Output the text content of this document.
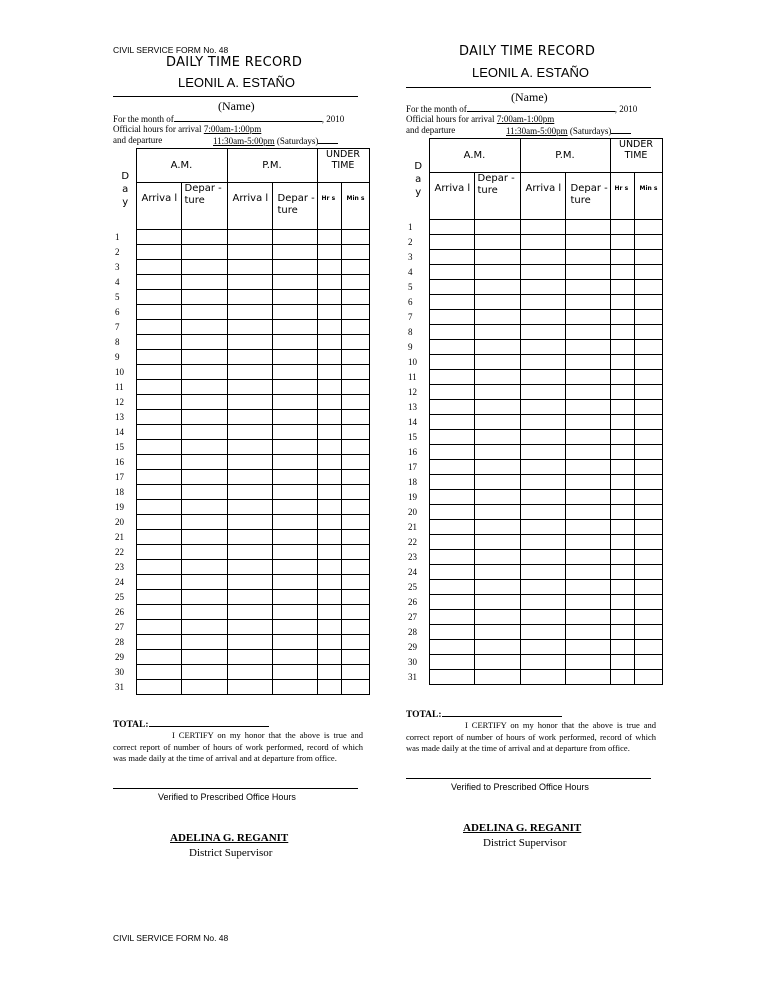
CIVIL SERVICE FORM No. 48
DAILY TIME RECORD
LEONIL A. ESTAÑO
(Name)
For the month of	, 2010
Official hours for arrival 7:00am-1:00pm
and departure	11:30am-5:00pm (Saturdays)
D
a
y	A.M.		P.M.		UNDER TIME	
	Arriva l	Depar - ture	Arriva l	Depar -ture	Hr s	Min s
1						
2						
3						
4						
5						
6						
7						
8						
9						
10						
11						
12						
13						
14						
15						
16						
17						
18						
19						
20						
21						
22						
23						
24						
25						
26						
27						
28						
29						
30						
31						
TOTAL:
I CERTIFY on my honor that the above is true and correct report of number of hours of work performed, record of which was made daily at the time of arrival and at departure from office.
Verified to Prescribed Office Hours
ADELINA G. REGANIT
District Supervisor
CIVIL SERVICE FORM No. 48
DAILY TIME RECORD
LEONIL A. ESTAÑO
(Name)
For the month of	, 2010
Official hours for arrival 7:00am-1:00pm
and departure	11:30am-5:00pm (Saturdays)
D
a
y	A.M.		P.M.		UNDER TIME	
	Arriva l	Depar - ture	Arriva l	Depar -ture	Hr s	Min s
1						
2						
3						
4						
5						
6						
7						
8						
9						
10						
11						
12						
13						
14						
15						
16						
17						
18						
19						
20						
21						
22						
23						
24						
25						
26						
27						
28						
29						
30						
31						
TOTAL:
I CERTIFY on my honor that the above is true and correct report of number of hours of work performed, record of which was made daily at the time of arrival and at departure from office.
Verified to Prescribed Office Hours
ADELINA G. REGANIT
District Supervisor
